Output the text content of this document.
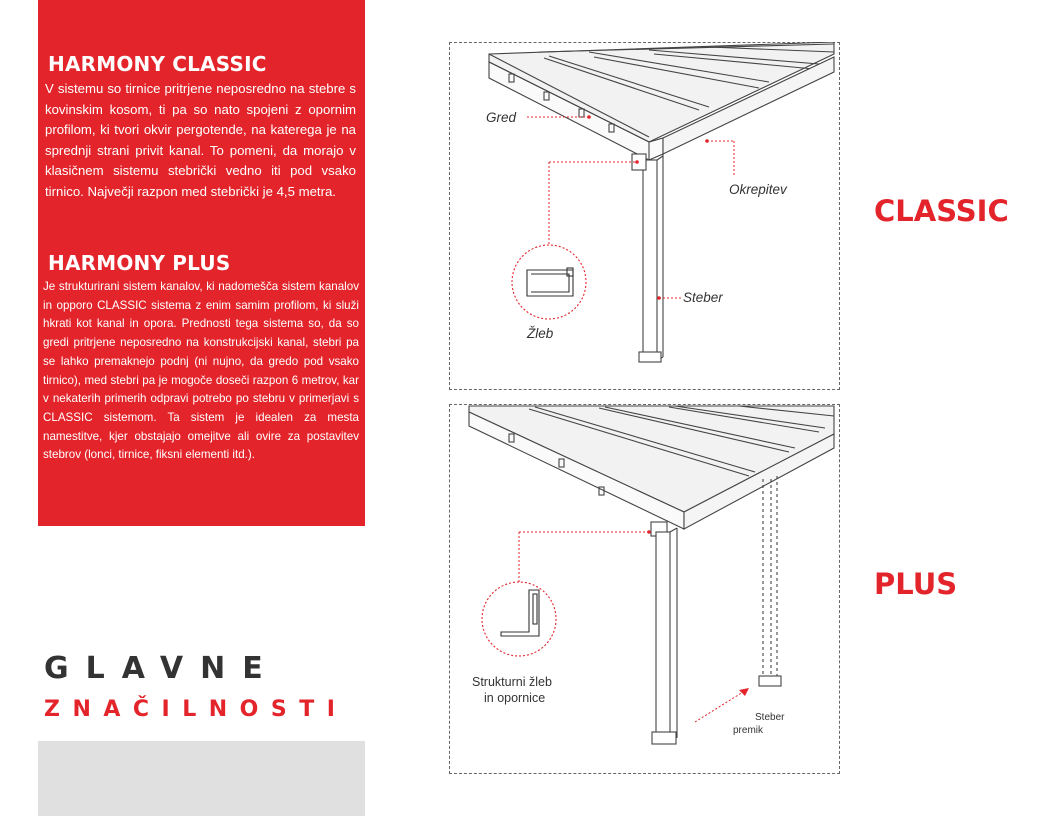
HARMONY CLASSIC

V sistemu so tirnice pritrjene neposredno na stebre s kovinskim kosom, ti pa so nato spojeni z opornim profilom, ki tvori okvir pergotende, na katerega je na sprednji strani privit kanal. To pomeni, da morajo v klasičnem sistemu stebrički vedno iti pod vsako tirnico. Največji razpon med stebrički je 4,5 metra.

HARMONY PLUS

Je strukturirani sistem kanalov, ki nadomešča sistem kanalov in opporo CLASSIC sistema z enim samim profilom, ki služi hkrati kot kanal in opora. Prednosti tega sistema so, da so gredi pritrjene neposredno na konstrukcijski kanal, stebri pa se lahko premaknejo podnj (ni nujno, da gredo pod vsako tirnico), med stebri pa je mogoče doseči razpon 6 metrov, kar v nekaterih primerih odpravi potrebo po stebru v primerjavi s CLASSIC sistemom. Ta sistem je idealen za mesta namestitve, kjer obstajajo omejitve ali ovire za postavitev stebrov (lonci, tirnice, fiksni elementi itd.).

GLAVNE

ZNAČILNOSTI

CLASSIC

PLUS

Gred

Okrepitev

Steber

Žleb

Strukturni žleb

in opornice

Steber

premik
